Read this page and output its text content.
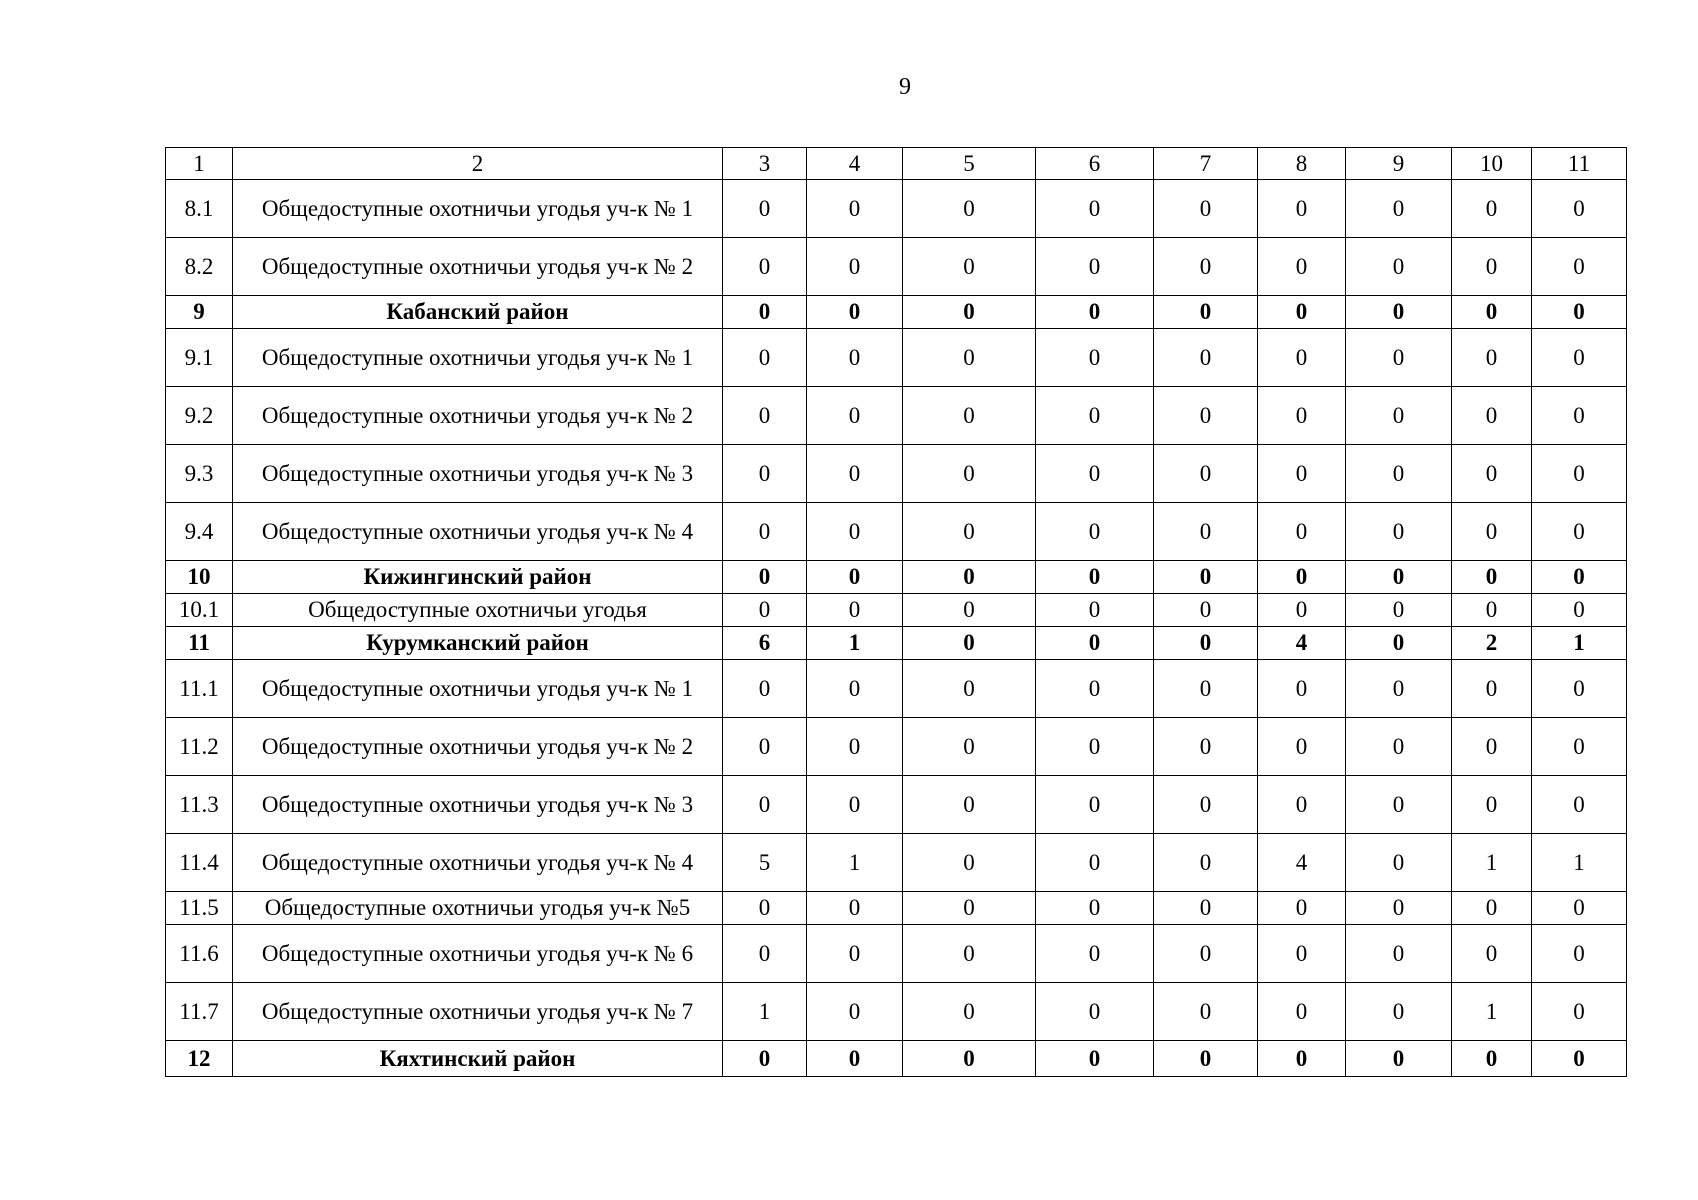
9
1	2	3	4	5	6	7	8	9	10	11
8.1	Общедоступные охотничьи угодья уч-к № 1	0	0	0	0	0	0	0	0	0
8.2	Общедоступные охотничьи угодья уч-к № 2	0	0	0	0	0	0	0	0	0
9	Кабанский район	0	0	0	0	0	0	0	0	0
9.1	Общедоступные охотничьи угодья уч-к № 1	0	0	0	0	0	0	0	0	0
9.2	Общедоступные охотничьи угодья уч-к № 2	0	0	0	0	0	0	0	0	0
9.3	Общедоступные охотничьи угодья уч-к № 3	0	0	0	0	0	0	0	0	0
9.4	Общедоступные охотничьи угодья уч-к № 4	0	0	0	0	0	0	0	0	0
10	Кижингинский район	0	0	0	0	0	0	0	0	0
10.1	Общедоступные охотничьи угодья	0	0	0	0	0	0	0	0	0
11	Курумканский район	6	1	0	0	0	4	0	2	1
11.1	Общедоступные охотничьи угодья уч-к № 1	0	0	0	0	0	0	0	0	0
11.2	Общедоступные охотничьи угодья уч-к № 2	0	0	0	0	0	0	0	0	0
11.3	Общедоступные охотничьи угодья уч-к № 3	0	0	0	0	0	0	0	0	0
11.4	Общедоступные охотничьи угодья уч-к № 4	5	1	0	0	0	4	0	1	1
11.5	Общедоступные охотничьи угодья уч-к №5	0	0	0	0	0	0	0	0	0
11.6	Общедоступные охотничьи угодья уч-к № 6	0	0	0	0	0	0	0	0	0
11.7	Общедоступные охотничьи угодья уч-к № 7	1	0	0	0	0	0	0	1	0
12	Кяхтинский район	0	0	0	0	0	0	0	0	0
